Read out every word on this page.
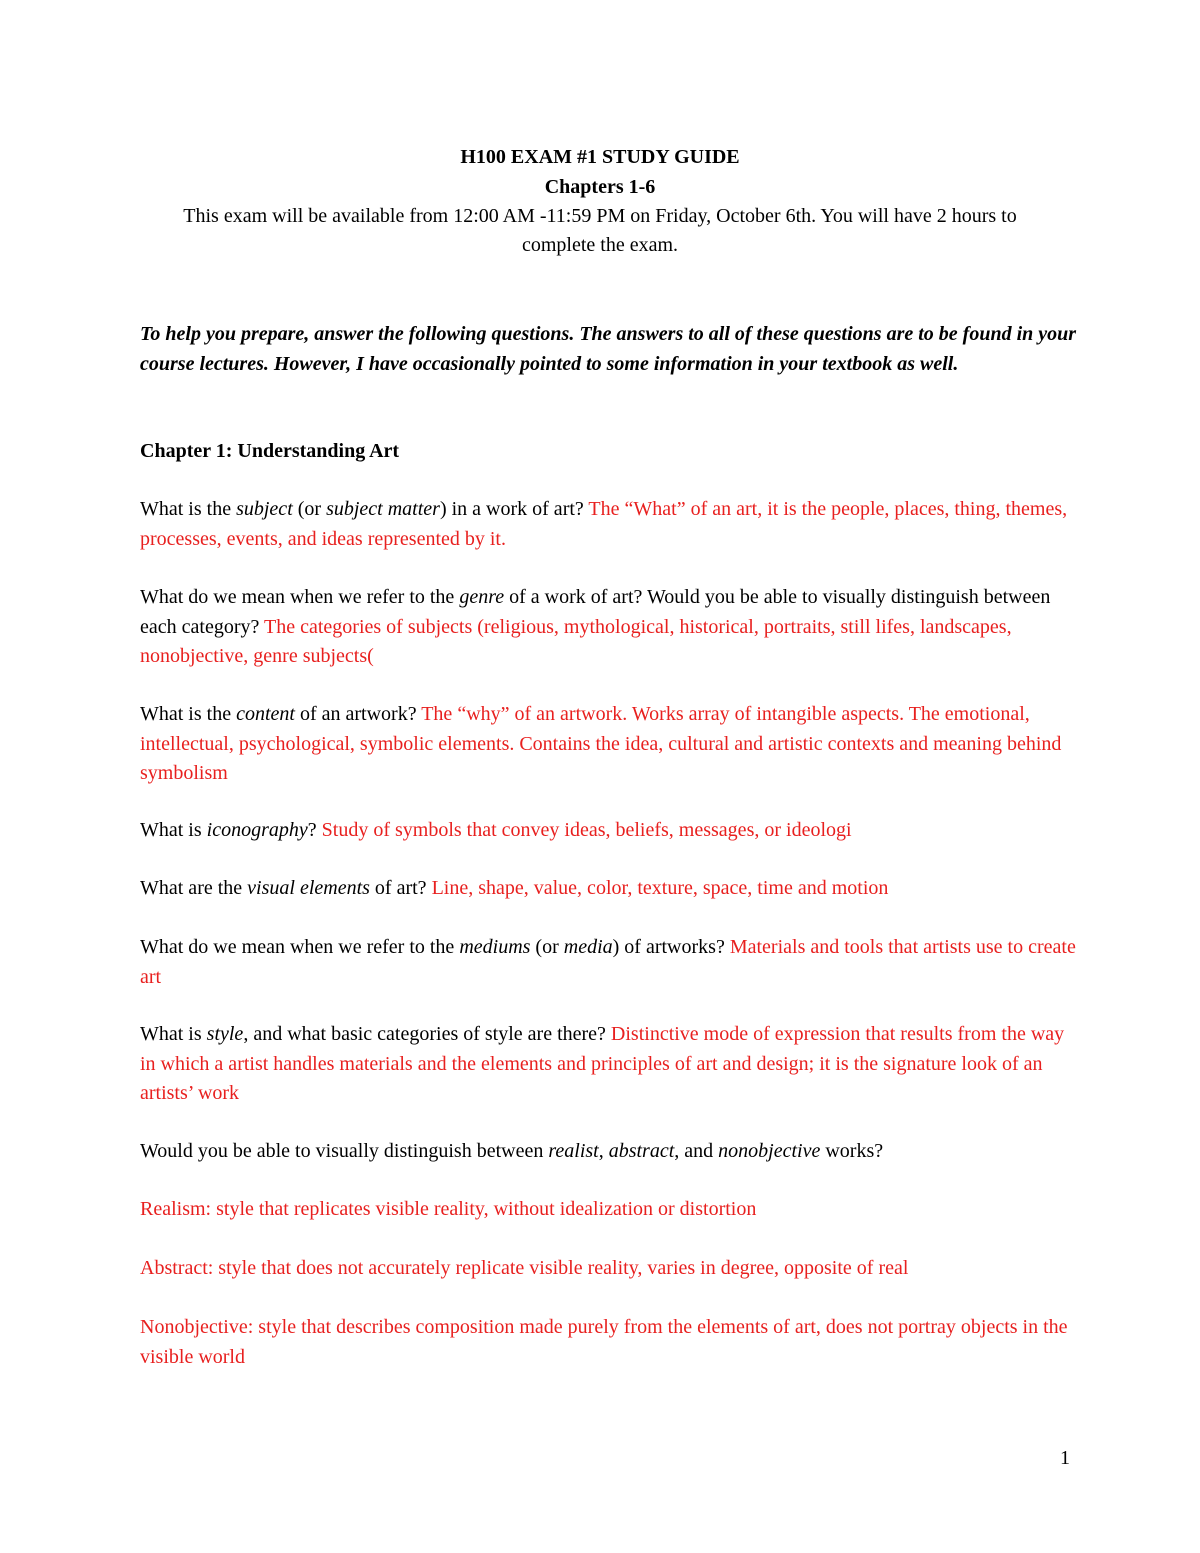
H100 EXAM #1 STUDY GUIDE
Chapters 1-6
This exam will be available from 12:00 AM -11:59 PM on Friday, October 6th. You will have 2 hours to complete the exam.

To help you prepare, answer the following questions. The answers to all of these questions are to be found in your course lectures. However, I have occasionally pointed to some information in your textbook as well.

Chapter 1: Understanding Art

What is the subject (or subject matter) in a work of art? The “What” of an art, it is the people, places, thing, themes, processes, events, and ideas represented by it.

What do we mean when we refer to the genre of a work of art? Would you be able to visually distinguish between each category? The categories of subjects (religious, mythological, historical, portraits, still lifes, landscapes, nonobjective, genre subjects(

What is the content of an artwork? The “why” of an artwork. Works array of intangible aspects. The emotional, intellectual, psychological, symbolic elements. Contains the idea, cultural and artistic contexts and meaning behind symbolism

What is iconography? Study of symbols that convey ideas, beliefs, messages, or ideologi

What are the visual elements of art? Line, shape, value, color, texture, space, time and motion

What do we mean when we refer to the mediums (or media) of artworks? Materials and tools that artists use to create art

What is style, and what basic categories of style are there? Distinctive mode of expression that results from the way in which a artist handles materials and the elements and principles of art and design; it is the signature look of an artists’ work

Would you be able to visually distinguish between realist, abstract, and nonobjective works?

Realism: style that replicates visible reality, without idealization or distortion

Abstract: style that does not accurately replicate visible reality, varies in degree, opposite of real

Nonobjective: style that describes composition made purely from the elements of art, does not portray objects in the visible world

1
